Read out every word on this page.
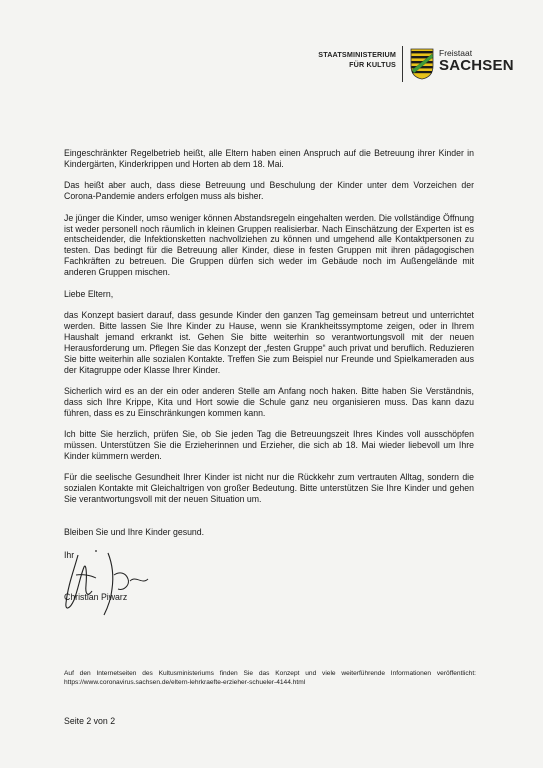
STAATSMINISTERIUM
FÜR KULTUS
Freistaat
SACHSEN

Eingeschränkter Regelbetrieb heißt, alle Eltern haben einen Anspruch auf die Betreuung ihrer Kinder in Kindergärten, Kinderkrippen und Horten ab dem 18. Mai.

Das heißt aber auch, dass diese Betreuung und Beschulung der Kinder unter dem Vorzeichen der Corona-Pandemie anders erfolgen muss als bisher.

Je jünger die Kinder, umso weniger können Abstandsregeln eingehalten werden. Die vollständige Öffnung ist weder personell noch räumlich in kleinen Gruppen realisierbar. Nach Einschätzung der Experten ist es entscheidender, die Infektionsketten nachvollziehen zu können und umgehend alle Kontaktpersonen zu testen. Das bedingt für die Betreuung aller Kinder, diese in festen Gruppen mit ihren pädagogischen Fachkräften zu betreuen. Die Gruppen dürfen sich weder im Gebäude noch im Außengelände mit anderen Gruppen mischen.

Liebe Eltern,

das Konzept basiert darauf, dass gesunde Kinder den ganzen Tag gemeinsam betreut und unterrichtet werden. Bitte lassen Sie Ihre Kinder zu Hause, wenn sie Krankheitssymptome zeigen, oder in Ihrem Haushalt jemand erkrankt ist. Gehen Sie bitte weiterhin so verantwortungsvoll mit der neuen Herausforderung um. Pflegen Sie das Konzept der „festen Gruppe“ auch privat und beruflich. Reduzieren Sie bitte weiterhin alle sozialen Kontakte. Treffen Sie zum Beispiel nur Freunde und Spielkameraden aus der Kitagruppe oder Klasse Ihrer Kinder.

Sicherlich wird es an der ein oder anderen Stelle am Anfang noch haken. Bitte haben Sie Verständnis, dass sich Ihre Krippe, Kita und Hort sowie die Schule ganz neu organisieren muss. Das kann dazu führen, dass es zu Einschränkungen kommen kann.

Ich bitte Sie herzlich, prüfen Sie, ob Sie jeden Tag die Betreuungszeit Ihres Kindes voll ausschöpfen müssen. Unterstützen Sie die Erzieherinnen und Erzieher, die sich ab 18. Mai wieder liebevoll um Ihre Kinder kümmern werden.

Für die seelische Gesundheit Ihrer Kinder ist nicht nur die Rückkehr zum vertrauten Alltag, sondern die sozialen Kontakte mit Gleichaltrigen von großer Bedeutung. Bitte unterstützen Sie Ihre Kinder und gehen Sie verantwortungsvoll mit der neuen Situation um.

Bleiben Sie und Ihre Kinder gesund.
Ihr
Christian Piwarz
Auf den Internetseiten des Kultusministeriums finden Sie das Konzept und viele weiterführende Informationen veröffentlicht: https://www.coronavirus.sachsen.de/eltern-lehrkraefte-erzieher-schueler-4144.html
Seite 2 von 2
